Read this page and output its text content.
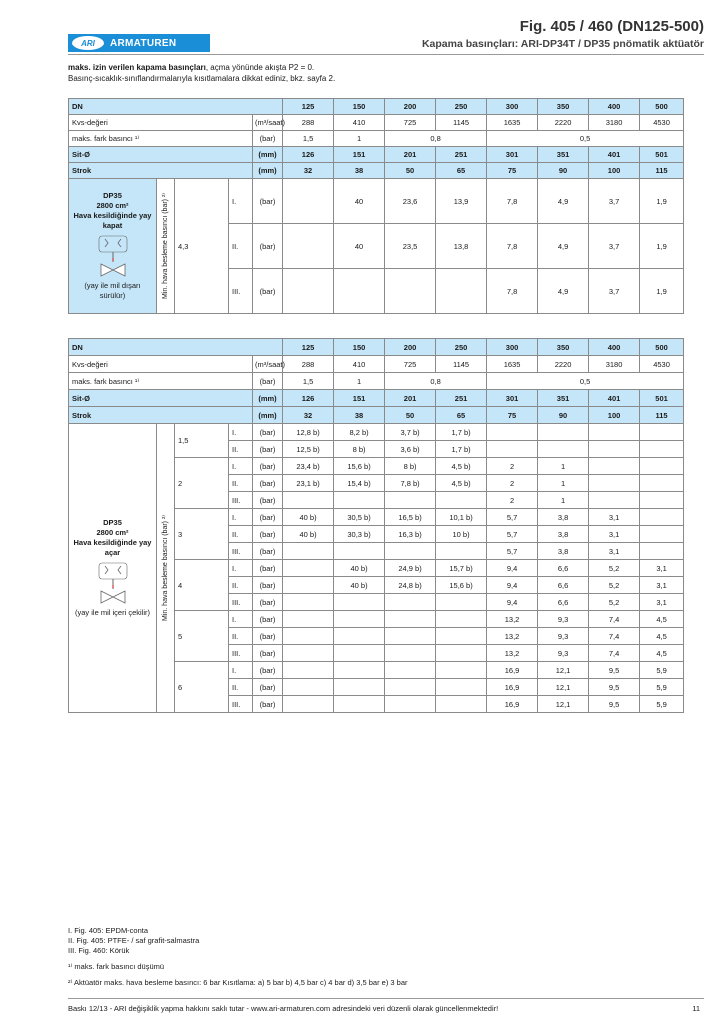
ARI	ARMATUREN
Fig. 405 / 460 (DN125-500)
Kapama basınçları: ARI-DP34T / DP35 pnömatik aktüatör
maks. izin verilen kapama basınçları, açma yönünde akışta P2 = 0.
Basınç-sıcaklık-sınıflandırmalarıyla kısıtlamalara dikkat ediniz, bkz. sayfa 2.
DN					125	150	200	250	300	350	400	500
Kvs-değeri				(m³/saat)	288	410	725	1145	1635	2220	3180	4530
maks. fark basıncı ¹⁾				(bar)	1,5	1	0,8		0,5			
Sit-Ø				(mm)	126	151	201	251	301	351	401	501
Strok				(mm)	32	38	50	65	75	90	100	115

DP35
2800 cm²
Hava kesildiğinde yay kapat
(yay ile mil dışarı sürülür)	Min. hava besleme basıncı (bar) ²⁾	4,3	I.	(bar)		40	23,6	13,9	7,8	4,9	3,7	1,9
			II.	(bar)		40	23,5	13,8	7,8	4,9	3,7	1,9
			III.	(bar)					7,8	4,9	3,7	1,9
DN					125	150	200	250	300	350	400	500
Kvs-değeri				(m³/saat)	288	410	725	1145	1635	2220	3180	4530
maks. fark basıncı ¹⁾				(bar)	1,5	1	0,8		0,5			
Sit-Ø				(mm)	126	151	201	251	301	351	401	501
Strok				(mm)	32	38	50	65	75	90	100	115

DP35
2800 cm²
Hava kesildiğinde yay açar
(yay ile mil içeri çekilir)	Min. hava besleme basıncı (bar) ²⁾	1,5	I.	(bar)	12,8 b)	8,2 b)	3,7 b)	1,7 b)				
			II.	(bar)	12,5 b)	8 b)	3,6 b)	1,7 b)				
		2	I.	(bar)	23,4 b)	15,6 b)	8 b)	4,5 b)	2	1		
			II.	(bar)	23,1 b)	15,4 b)	7,8 b)	4,5 b)	2	1		
			III.	(bar)					2	1		
		3	I.	(bar)	40 b)	30,5 b)	16,5 b)	10,1 b)	5,7	3,8	3,1	
			II.	(bar)	40 b)	30,3 b)	16,3 b)	10 b)	5,7	3,8	3,1	
			III.	(bar)					5,7	3,8	3,1	
		4	I.	(bar)		40 b)	24,9 b)	15,7 b)	9,4	6,6	5,2	3,1
			II.	(bar)		40 b)	24,8 b)	15,6 b)	9,4	6,6	5,2	3,1
			III.	(bar)					9,4	6,6	5,2	3,1
		5	I.	(bar)					13,2	9,3	7,4	4,5
			II.	(bar)					13,2	9,3	7,4	4,5
			III.	(bar)					13,2	9,3	7,4	4,5
		6	I.	(bar)					16,9	12,1	9,5	5,9
			II.	(bar)					16,9	12,1	9,5	5,9
			III.	(bar)					16,9	12,1	9,5	5,9

I. Fig. 405: EPDM-conta

II. Fig. 405: PTFE- / saf grafit-salmastra

III. Fig. 460: Körük

¹⁾ maks. fark basıncı düşümü

²⁾ Aktüatör maks. hava besleme basıncı: 6 bar Kısıtlama: a) 5 bar b) 4,5 bar c) 4 bar d) 3,5 bar e) 3 bar

Baskı 12/13 - ARI değişiklik yapma hakkını saklı tutar - www.ari-armaturen.com adresindeki veri düzenli olarak güncellenmektedir!	11
